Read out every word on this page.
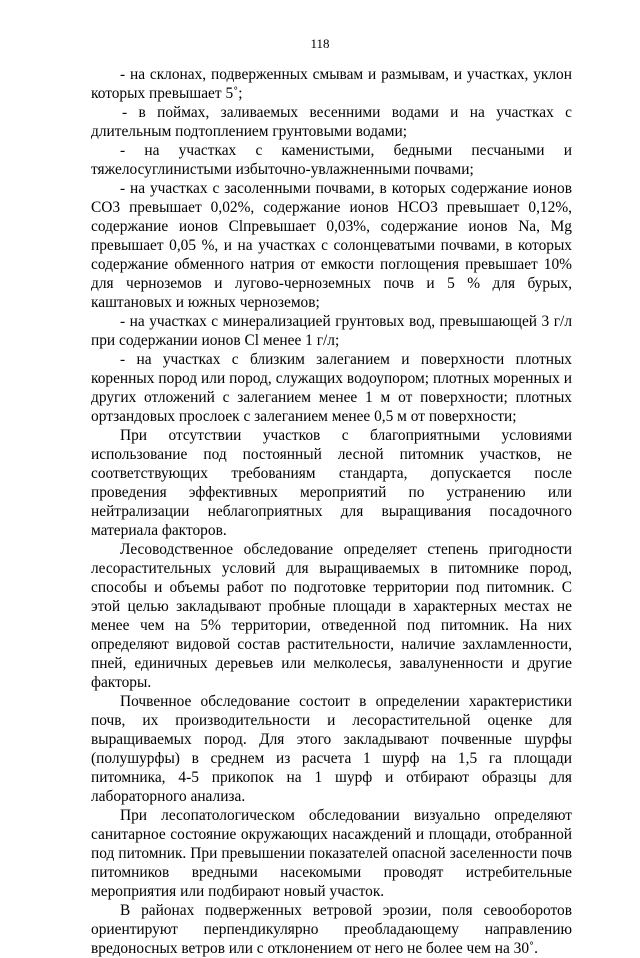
118

- на склонах, подверженных смывам и размывам, и участках, уклон которых превышает 5˚;

- в поймах, заливаемых весенними водами и на участках с длительным подтоплением грунтовыми водами;

- на участках с каменистыми, бедными песчаными и тяжелосуглинистыми избыточно-увлажненными почвами;

- на участках с засоленными почвами, в которых содержание ионов СО3 превышает 0,02%, содержание ионов НСО3 превышает 0,12%, содержание ионов Clпревышает 0,03%, содержание ионов Na, Mg превышает 0,05 %, и на участках с солонцеватыми почвами, в которых содержание обменного натрия от емкости поглощения превышает 10% для черноземов и лугово-черноземных почв и 5 % для бурых, каштановых и южных черноземов;

- на участках с минерализацией грунтовых вод, превышающей 3 г/л при содержании ионов Cl менее 1 г/л;

- на участках с близким залеганием и поверхности плотных коренных пород или пород, служащих водоупором; плотных моренных и других отложений с залеганием менее 1 м от поверхности; плотных ортзандовых прослоек с залеганием менее 0,5 м от поверхности;

При отсутствии участков с благоприятными условиями использование под постоянный лесной питомник участков, не соответствующих требованиям стандарта, допускается после проведения эффективных мероприятий по устранению или нейтрализации неблагоприятных для выращивания посадочного материала факторов.

Лесоводственное обследование определяет степень пригодности лесорастительных условий для выращиваемых в питомнике пород, способы и объемы работ по подготовке территории под питомник. С этой целью закладывают пробные площади в характерных местах не менее чем на 5% территории, отведенной под питомник. На них определяют видовой состав растительности, наличие захламленности, пней, единичных деревьев или мелколесья, завалуненности и другие факторы.

Почвенное обследование состоит в определении характеристики почв, их производительности и лесорастительной оценке для выращиваемых пород. Для этого закладывают почвенные шурфы (полушурфы) в среднем из расчета 1 шурф на 1,5 га площади питомника, 4-5 прикопок на 1 шурф и отбирают образцы для лабораторного анализа.

При лесопатологическом обследовании визуально определяют санитарное состояние окружающих насаждений и площади, отобранной под питомник. При превышении показателей опасной заселенности почв питомников вредными насекомыми проводят истребительные мероприятия или подбирают новый участок.

В районах подверженных ветровой эрозии, поля севооборотов ориентируют перпендикулярно преобладающему направлению вредоносных ветров или с отклонением от него не более чем на 30˚.
